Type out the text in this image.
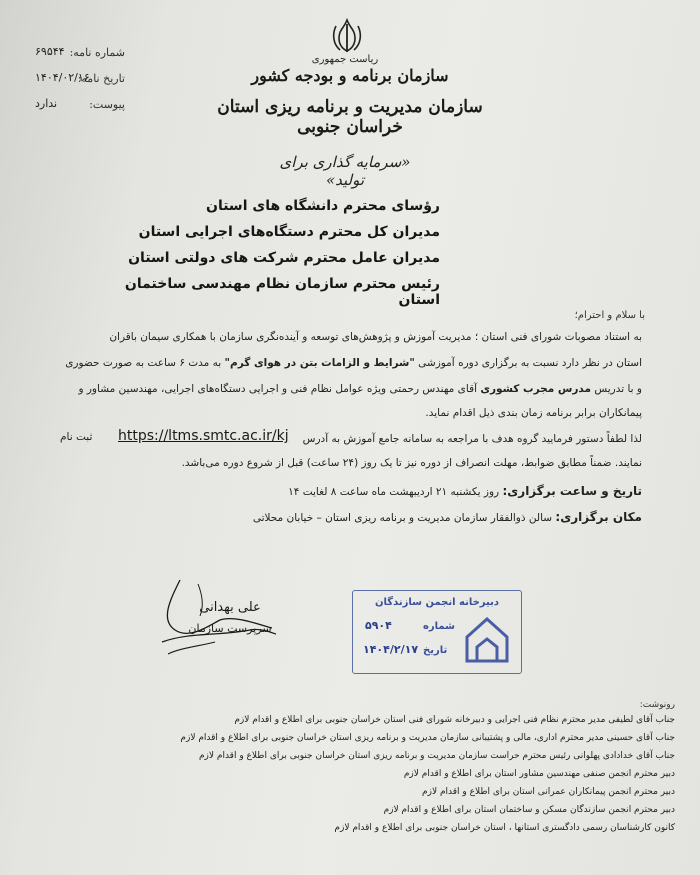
ریاست جمهوری
سازمان برنامه و بودجه کشور
سازمان مدیریت و برنامه ریزی استان خراسان جنوبی
شماره نامه:
۶۹۵۴۴
تاریخ نامه:
۱۴۰۴/۰۲/۱۶
پیوست:
ندارد
«سرمایه گذاری برای تولید»
رؤسای محترم دانشگاه های استان
مدیران کل محترم دستگاه‌های اجرایی استان
مدیران عامل محترم شرکت های دولتی استان
رئیس محترم سازمان نظام مهندسی ساختمان استان
با سلام و احترام؛
به استناد مصوبات شورای فنی استان ؛ مدیریت آموزش و پژوهش‌های توسعه و آینده‌نگری سازمان با همکاری سیمان باقران
استان در نظر دارد نسبت به برگزاری دوره آموزشی "شرایط و الزامات بتن در هوای گرم" به مدت ۶ ساعت به صورت حضوری
و با تدریس مدرس مجرب کشوری آقای مهندس رحمتی ویژه عوامل نظام فنی و اجرایی دستگاه‌های اجرایی، مهندسین مشاور و
پیمانکاران برابر برنامه زمان بندی ذیل اقدام نماید.
لذا لطفاً دستور فرمایید گروه هدف با مراجعه به سامانه جامع آموزش به آدرس
https://ltms.smtc.ac.ir/kj
ثبت نام
نمایند. ضمناً مطابق ضوابط، مهلت انصراف از دوره نیز تا یک روز (۲۴ ساعت) قبل از شروع دوره می‌باشد.
تاریخ و ساعت برگزاری: روز یکشنبه ۲۱ اردیبهشت ماه ساعت ۸ لغایت ۱۴
مکان برگزاری: سالن ذوالفقار سازمان مدیریت و برنامه ریزی استان – خیابان محلاتی
علی بهدانی
سرپرست سازمان
دبیرخانه انجمن سازندگان
شماره
۵۹۰۴
تاریخ
۱۴۰۴/۲/۱۷
رونوشت:
جناب آقای لطیفی مدیر محترم نظام فنی اجرایی و دبیرخانه شورای فنی استان خراسان جنوبی برای اطلاع و اقدام لازم
جناب آقای حسینی مدیر محترم اداری، مالی و پشتیبانی سازمان مدیریت و برنامه ریزی استان خراسان جنوبی برای اطلاع و اقدام لازم
جناب آقای خدادادی پهلوانی رئیس محترم حراست سازمان مدیریت و برنامه ریزی استان خراسان جنوبی برای اطلاع و اقدام لازم
دبیر محترم انجمن صنفی مهندسین مشاور استان برای اطلاع و اقدام لازم
دبیر محترم انجمن پیمانکاران عمرانی استان برای اطلاع و اقدام لازم
دبیر محترم انجمن سازندگان مسکن و ساختمان استان برای اطلاع و اقدام لازم
کانون کارشناسان رسمی دادگستری استانها ، استان خراسان جنوبی برای اطلاع و اقدام لازم
